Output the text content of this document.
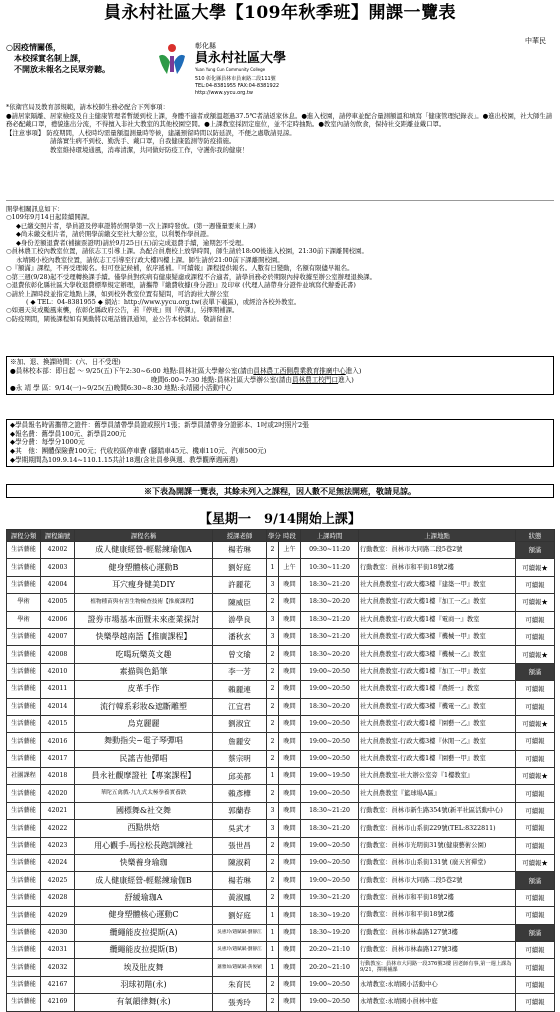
員永村社區大學【109年秋季班】開課一覽表
中華民
○因疫情關係，
本校採實名制上課，
不開放未報名之民眾旁聽。
彰化縣
員永村社區大學
Yuan Yung Cun Community College
510 彰化縣員林市員東路二段111號
TEL:04-8381955 FAX:04-8381922
http://www.yycu.org.tw

*依衛官局及教育部規範，請本校師生務必配合下列事項：

●請居家隔離、居家檢疫及自主健康管理者暫緩到校上課，身體不適者或額溫超過37.5℃者請返家休息。●進入校園，請停車並配合量測額溫和填寫「健康管理紀錄表」。●進出校園，社大師生請務必配戴口罩，禮貌進出分流，不得擅入非社大教室的其他校園空間。●上課教室採固定座位，並不定時抽點。●教室內請勿飲食，保持社交距離並戴口罩。

【注意事項】 防疫期間，人校時均需量額溫測量時等候，建議預留時間以防延誤，不便之處敬請見諒。

請落實生病不到校、勤洗手、戴口罩，自我健康監測等防疫措施。

教室維持環境通風，消毒清潔，共同做好防疫工作，守護你我的健康！

開學相關訊息如下：

○109年9月14日起陸續開課。

◆已繳交照片者，學員證及停車證將於開學第一次上課時發放。(第一週僅量要來上課)

◆尚未繳交相片者，請於開學前繳交至社大辦公室，以利製作學員證。

◆身份差額退費者(補擴票證明)請於9月25日(五)前完成退費手續，逾期恕不受理。

○員林農工校內教室位置，請依志工引導上課。為配合員農校上放學時間，師生請於18:00後進入校園，21:30前下課離開校園。

永靖國小校內教室位置，請依志工引導至行政大樓四樓上課。師生請於21:00前下課離開校園。

○『額滿』課程，不再受理報名。但可登記候補，依序遞補。『可續報』課程提供報名。人數有日變動，名額有限儘早報名。

○第三週(9/28)起不受理轉換課手續。僅學員對疾病有健康疑慮或課程不合適者，請學員務必於期限內持收據至辦公室辦理退換課。

○退費依彰化縣社區大學收退費標準規定辦理，請攜帶『繳費收據(身分證)』及印章 (代理人請帶身分證件並填寫代辦委託書)

○請於上課時段並指定地點上課，如到校外教室位置有疑問，可洽詢社大辦公室

( ◆ TEL：04-8381955 ◆ 網站：http://www.yycu.org.tw(表單下載區)，或經洽各校外教室。

○如遇天災或颱風來襲，依彰化縣政府公告，若『停班』則『停課』，另擇期補課。

○防疫期間，閘後課程如有異動將以電話簡訊通知，並公告本校網站。敬請留意！

※加、退、換課時間：(六、日不受理)
●員林校本部：即日起 ～ 9/25(五)下午2:30~6:00 地點:員林社區大學辦公室(請由員林農工西側農業教育推廣中心進入)
晚間6:00~7:30 地點:員林社區大學辦公室(請由員林農工校門口進入)
●永 靖 學 區：9/14(一)~9/25(五)晚間6:30~8:30 地點:永靖國小活動中心
◆學員報名時需攜帶之證件：舊學員請帶學員證或照片1張；新學員請帶身分證影本、1吋或2吋照片2張
◆報名費：舊學員100元、新學員200元
◆學分費：每學分1000元
◆其　他：團體保險費100元；代收校區停車費 (腳踏車45元、機車110元、汽車500元)
◆學期期間為109.9.14~110.1.15共計18週(含社員參與週、教學觀摩週兩週)
※下表為開課一覽表，其餘未列入之課程，因人數不足無法開班，敬請見諒。
【星期一　9/14開始上課】
課程分類	課程編號	課程名稱	授課老師	學分	時段	上課時間	上課地點	狀態
生活藝能	42002	成人健康經營-輕鬆練瑜伽A	楊若琳	2	上午	09:30~11:20	行動教室：員林市大同路二段5巷2號	額滿
生活藝能	42003	健身塑體核心運動B	劉好庭	1	上午	10:30~11:20	行動教室：員林市和平街18號2樓	可續報★
生活藝能	42004	耳穴瘦身健美DIY	許麗花	3	晚間	18:30~21:20	社大員農教室-行政大樓3樓『建築一甲』教室	可續報
學術	42005	植物種苗與有害生物檢查技術【推廣課程】	陳威臣	2	晚間	18:30~20:20	社大員農教室-行政大樓1樓『加工一乙』教室	可續報★
學術	42006	證券市場基本面暨未來產業探討	游學良	3	晚間	18:30~21:20	社大員農教室-行政大樓1樓『電商一』教室	可續報
生活藝能	42007	快樂學越南語【推廣課程】	潘秋玄	3	晚間	18:30~21:20	社大員農教室-行政大樓3樓『機械一甲』教室	可續報
生活藝能	42008	吃喝玩樂英文趣	曾文瑜	2	晚間	18:30~20:20	社大員農教室-行政大樓3樓『機械一乙』教室	可續報★
生活藝能	42010	素描與色鉛筆	李一芳	2	晚間	19:00~20:50	社大員農教室-行政大樓1樓『加工一甲』教室	額滿
生活藝能	42011	皮革手作	賴麗連	2	晚間	19:00~20:50	社大員農教室-行政大樓1樓『農經一』教室	可續報
生活藝能	42014	流行韓系彩妝&遮斷雕塑	江宜君	2	晚間	18:30~20:20	社大員農教室-行政大樓3樓『機電一乙』教室	可續報
生活藝能	42015	烏克麗麗	劉淑宜	2	晚間	19:00~20:50	社大員農教室-行政大樓1樓『園藝一乙』教室	可續報★
生活藝能	42016	舞動指尖~電子琴彈唱	詹麗安	2	晚間	19:00~20:50	社大員農教室-行政大樓3樓『休閒一乙』教室	可續報
生活藝能	42017	民謠吉他彈唱	蔡宗明	2	晚間	19:00~20:50	社大員農教室-行政大樓1樓『園藝一甲』教室	可續報
社團課程	42018	員永社觀摩證社【專案課程】	邱美都	1	晚間	19:00~19:50	社大員農教室-社大辦公室旁『1樓教室』	可續報★
生活藝能	42020	華陀五禽戲-九九式太極拳養實養跌	賴彥樺	2	晚間	19:00~20:50	社大員農教室『籃球場A區』	可續報
生活藝能	42021	國標舞&社交舞	郭蘭春	3	晚間	18:30~21:20	行動教室：員林市新生路354號(新平社區活動中心)	可續報
生活藝能	42022	西點烘焙	吳武才	3	晚間	18:30~21:20	行動教室：員林市山系街229號(TEL:8322811)	可續報
生活藝能	42023	用心觀手-馬拉松長跑訓練社	張世昌	2	晚間	19:00~20:50	行動教室：員林市光明街31號(健康藝術公園)	可續報
生活藝能	42024	快樂養身瑜珈	陳淑莉	2	晚間	19:00~20:50	行動教室：員林市山系街131號 (廣天宮禪堂)	可續報★
生活藝能	42025	成人健康經營-輕鬆練瑜伽B	楊若琳	2	晚間	19:00~20:50	行動教室：員林市大同路二段5巷2號	額滿
生活藝能	42028	舒緩瑜珈A	黃淑鳳	2	晚間	19:30~21:20	行動教室：員林市和平街18號2樓	可續報
生活藝能	42029	健身塑體核心運動C	劉好庭	1	晚間	18:30~19:20	行動教室：員林市和平街18號2樓	可續報
生活藝能	42030	纜繩能皮拉提斯(A)	吳惠玲/趙賦賦-劉靜江	1	晚間	18:30~19:20	行動教室：員林市林森路127號3樓	額滿
生活藝能	42031	纜繩能皮拉提斯(B)	吳惠玲/趙賦賦-劉靜江	1	晚間	20:20~21:10	行動教室：員林市林森路127號3樓	可續報
生活藝能	42032	埃及肚皮舞	蕭雅如/趙賦賦-黃俊穎	1	晚間	20:20~21:10	行動教室：員林市大同路一段376號3樓 因老師有事,第一週上課為9/21，擇期補課	可續報
生活藝能	42167	羽球初階(永)	朱育民	2	晚間	19:00~20:50	永靖教室:永靖國小活動中心	可續報
生活藝能	42169	有氧韻律舞(永)	張秀玲	2	晚間	19:00~20:50	永靖教室:永靖國小員林中庭	可續報
